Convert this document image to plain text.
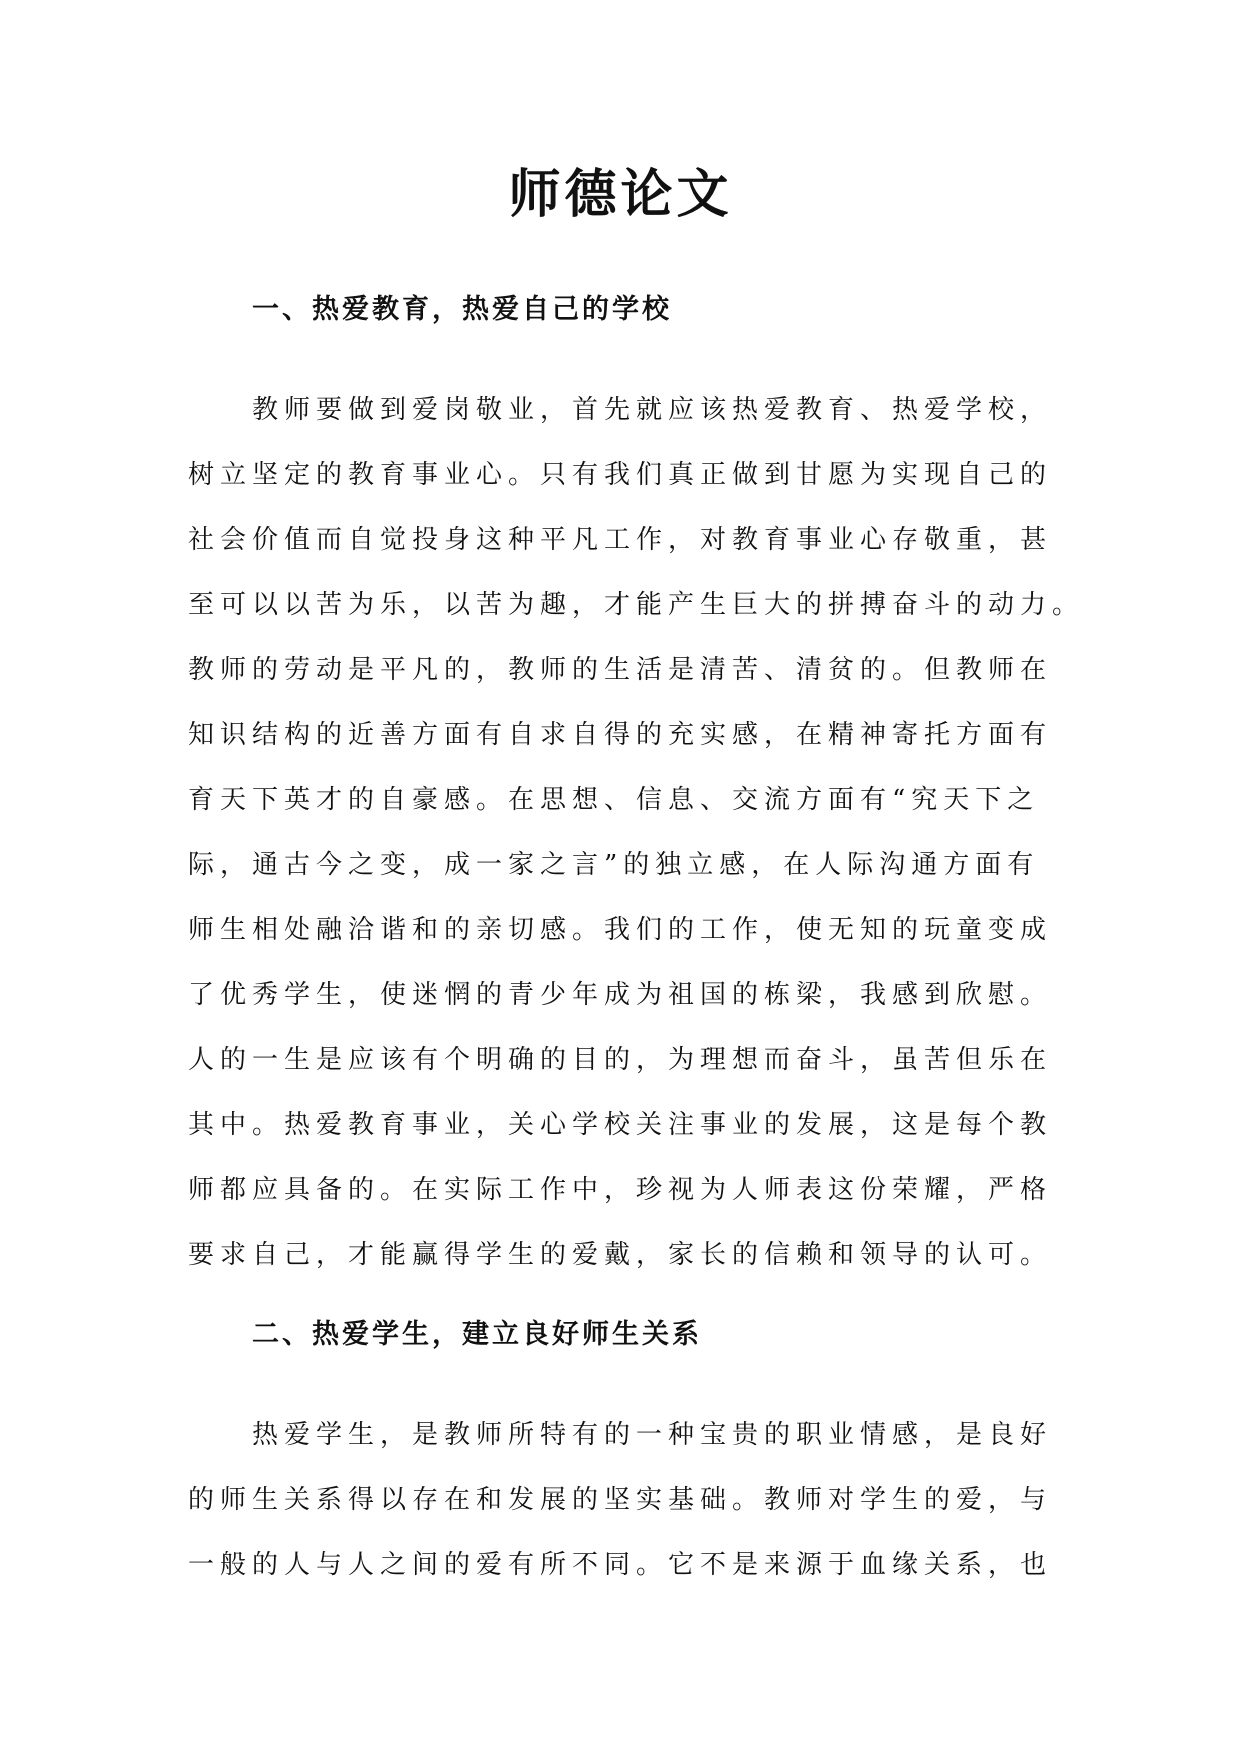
师德论文
一、热爱教育，热爱自己的学校
教师要做到爱岗敬业，首先就应该热爱教育、热爱学校，
树立坚定的教育事业心。只有我们真正做到甘愿为实现自己的
社会价值而自觉投身这种平凡工作，对教育事业心存敬重，甚
至可以以苦为乐，以苦为趣，才能产生巨大的拼搏奋斗的动力。
教师的劳动是平凡的，教师的生活是清苦、清贫的。但教师在
知识结构的近善方面有自求自得的充实感，在精神寄托方面有
育天下英才的自豪感。在思想、信息、交流方面有“究天下之
际，通古今之变，成一家之言”的独立感，在人际沟通方面有
师生相处融洽谐和的亲切感。我们的工作，使无知的玩童变成
了优秀学生，使迷惘的青少年成为祖国的栋梁，我感到欣慰。
人的一生是应该有个明确的目的，为理想而奋斗，虽苦但乐在
其中。热爱教育事业，关心学校关注事业的发展，这是每个教
师都应具备的。在实际工作中，珍视为人师表这份荣耀，严格
要求自己，才能赢得学生的爱戴，家长的信赖和领导的认可。
二、热爱学生，建立良好师生关系
热爱学生，是教师所特有的一种宝贵的职业情感，是良好
的师生关系得以存在和发展的坚实基础。教师对学生的爱，与
一般的人与人之间的爱有所不同。它不是来源于血缘关系，也
